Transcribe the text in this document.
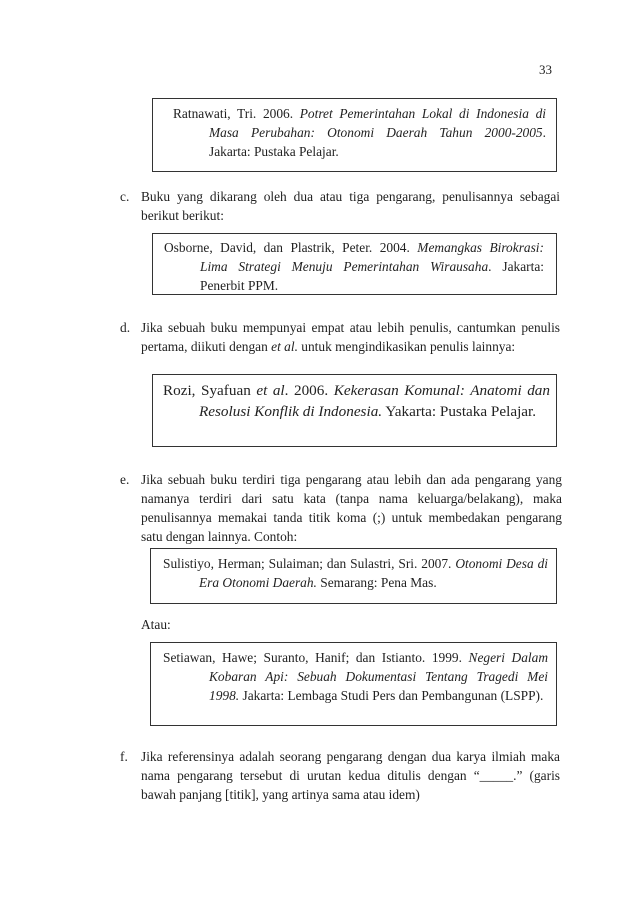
33
Ratnawati, Tri. 2006. Potret Pemerintahan Lokal di Indonesia di Masa Perubahan: Otonomi Daerah Tahun 2000-2005. Jakarta: Pustaka Pelajar.
c. Buku yang dikarang oleh dua atau tiga pengarang, penulisannya sebagai berikut berikut:
Osborne, David, dan Plastrik, Peter. 2004. Memangkas Birokrasi: Lima Strategi Menuju Pemerintahan Wirausaha. Jakarta: Penerbit PPM.
d. Jika sebuah buku mempunyai empat atau lebih penulis, cantumkan penulis pertama, diikuti dengan et al. untuk mengindikasikan penulis lainnya:
Rozi, Syafuan et al. 2006. Kekerasan Komunal: Anatomi dan Resolusi Konflik di Indonesia. Yakarta: Pustaka Pelajar.
e. Jika sebuah buku terdiri tiga pengarang atau lebih dan ada pengarang yang namanya terdiri dari satu kata (tanpa nama keluarga/belakang), maka penulisannya memakai tanda titik koma (;) untuk membedakan pengarang satu dengan lainnya. Contoh:
Sulistiyo, Herman; Sulaiman; dan Sulastri, Sri. 2007. Otonomi Desa di Era Otonomi Daerah. Semarang: Pena Mas.
Atau:
Setiawan, Hawe; Suranto, Hanif; dan Istianto. 1999. Negeri Dalam Kobaran Api: Sebuah Dokumentasi Tentang Tragedi Mei 1998. Jakarta: Lembaga Studi Pers dan Pembangunan (LSPP).
f. Jika referensinya adalah seorang pengarang dengan dua karya ilmiah maka nama pengarang tersebut di urutan kedua ditulis dengan “_____.” (garis bawah panjang [titik], yang artinya sama atau idem)
